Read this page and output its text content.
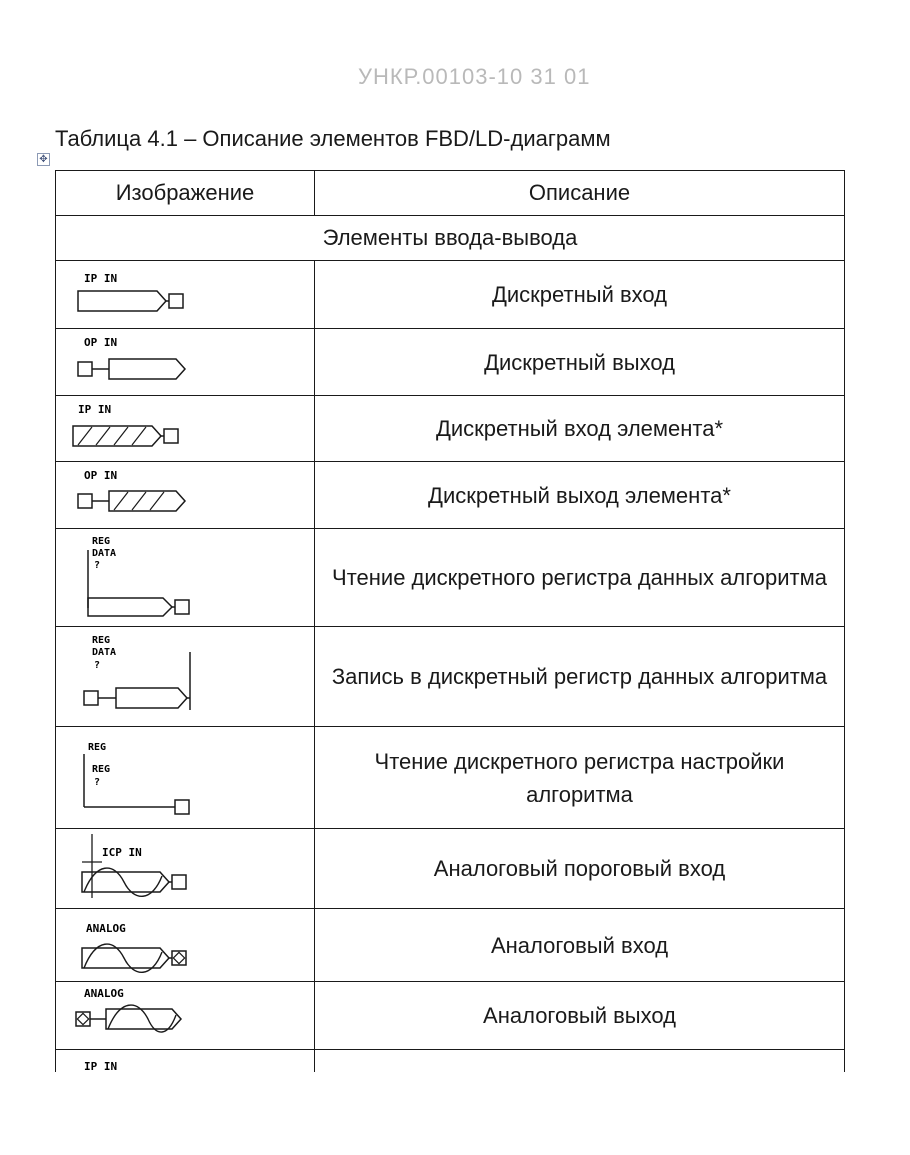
УНКР.00103-10 31 01
✥
Таблица 4.1 – Описание элементов FBD/LD-диаграмм
Изображение	Описание
Элементы ввода-вывода	

IP IN	Дискретный вход

OP IN	Дискретный выход

IP IN	Дискретный вход элемента*

OP IN	Дискретный выход элемента*

REG
DATA
?	Чтение дискретного регистра данных алгоритма

REG
DATA
?	Запись в дискретный регистр данных алгоритма

REG
REG
?	Чтение дискретного регистра настройки алгоритма

ICP IN	Аналоговый пороговый вход

ANALOG	Аналоговый вход

ANALOG	Аналоговый выход

IP IN	
